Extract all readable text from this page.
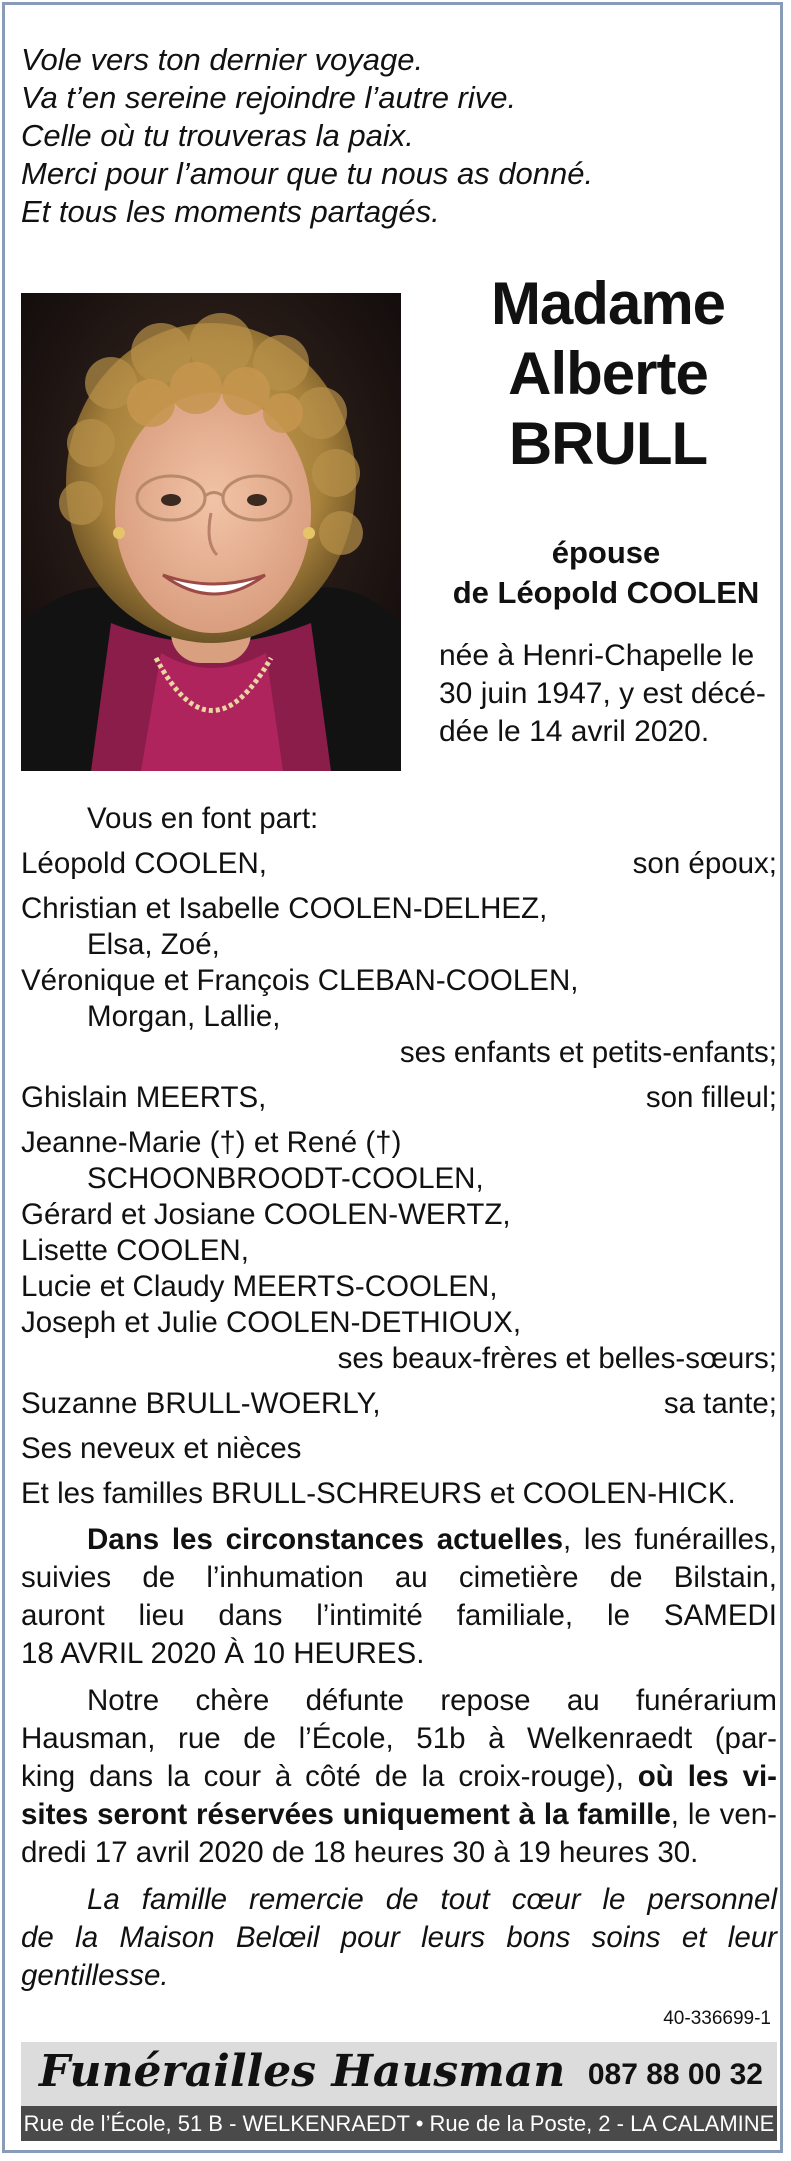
Vole vers ton dernier voyage.
Va t’en sereine rejoindre l’autre rive.
Celle où tu trouveras la paix.
Merci pour l’amour que tu nous as donné.
Et tous les moments partagés.
Madame
Alberte
BRULL
épouse
de Léopold COOLEN
née à Henri-Chapelle le
30 juin 1947, y est décé-
dée le 14 avril 2020.
Vous en font part:
Léopold COOLEN,	son époux;
Christian et Isabelle COOLEN-DELHEZ,
Elsa, Zoé,
Véronique et François CLEBAN-COOLEN,
Morgan, Lallie,
ses enfants et petits-enfants;
Ghislain MEERTS,	son filleul;
Jeanne-Marie (†) et René (†)
SCHOONBROODT-COOLEN,
Gérard et Josiane COOLEN-WERTZ,
Lisette COOLEN,
Lucie et Claudy MEERTS-COOLEN,
Joseph et Julie COOLEN-DETHIOUX,
ses beaux-frères et belles-sœurs;
Suzanne BRULL-WOERLY,	sa tante;
Ses neveux et nièces
Et les familles BRULL-SCHREURS et COOLEN-HICK.
Dans les circonstances actuelles, les funérailles,
suivies de l’inhumation au cimetière de Bilstain,
auront lieu dans l’intimité familiale, le SAMEDI
18 AVRIL 2020 À 10 HEURES.
Notre chère défunte repose au funérarium
Hausman, rue de l’École, 51b à Welkenraedt (par-
king dans la cour à côté de la croix-rouge), où les vi-
sites seront réservées uniquement à la famille, le ven-
dredi 17 avril 2020 de 18 heures 30 à 19 heures 30.
La famille remercie de tout cœur le personnel
de la Maison Belœil pour leurs bons soins et leur
gentillesse.
40-336699-1
Funérailles Hausman 087 88 00 32
Rue de l’École, 51 B - WELKENRAEDT • Rue de la Poste, 2 - LA CALAMINE
